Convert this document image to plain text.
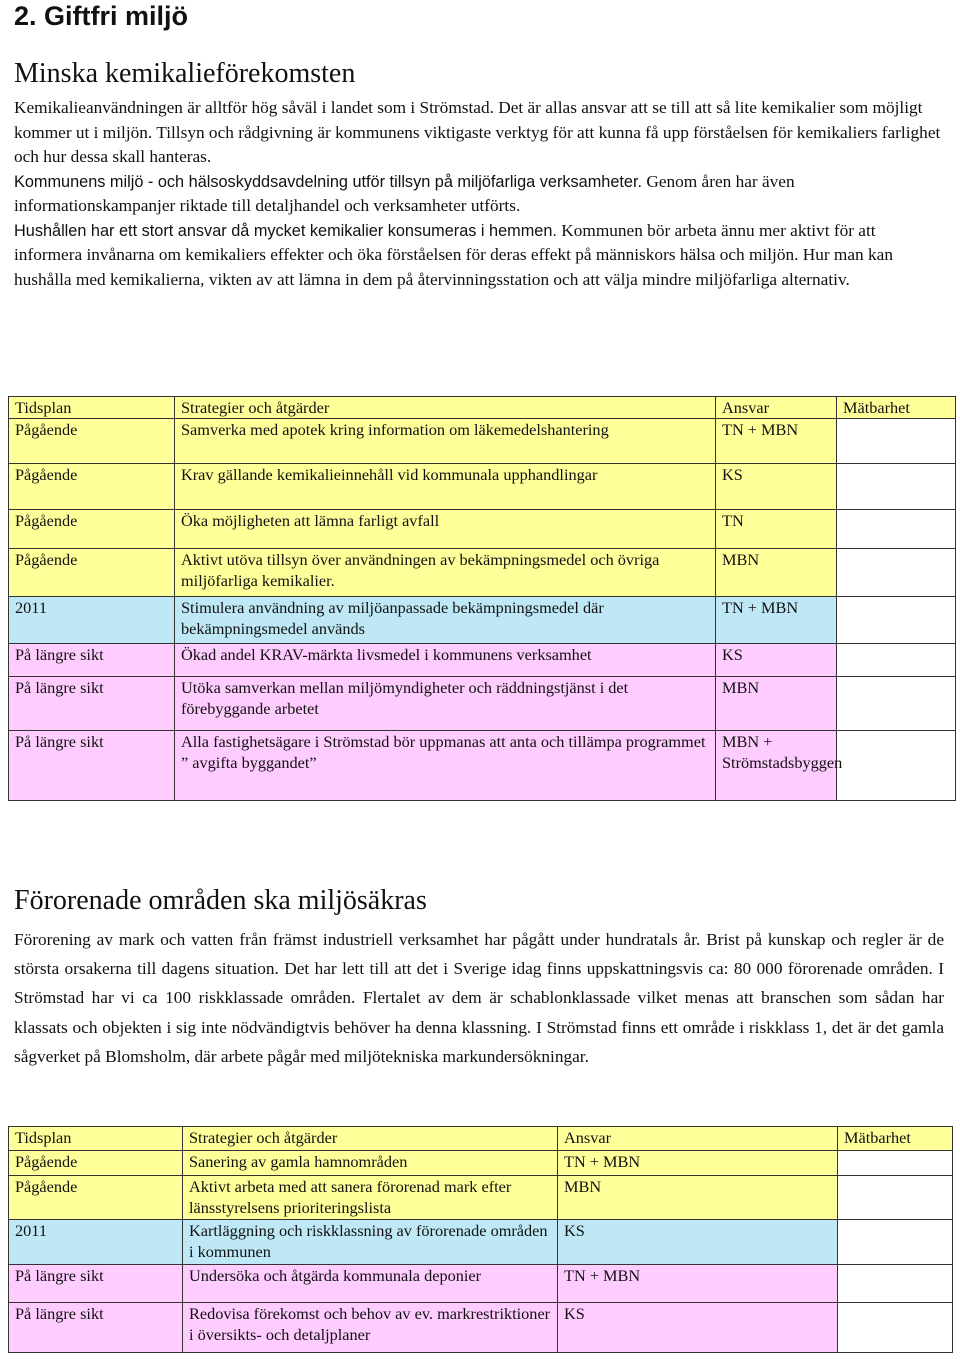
2. Giftfri miljö
Minska kemikalieförekomsten

Kemikalieanvändningen är alltför hög såväl i landet som i Strömstad. Det är allas ansvar att se till att så lite kemikalier som möjligt kommer ut i miljön. Tillsyn och rådgivning är kommunens viktigaste verktyg för att kunna få upp förståelsen för kemikaliers farlighet och hur dessa skall hanteras.

Kommunens miljö - och hälsoskyddsavdelning utför tillsyn på miljöfarliga verksamheter. Genom åren har även informationskampanjer riktade till detaljhandel och verksamheter utförts.

Hushållen har ett stort ansvar då mycket kemikalier konsumeras i hemmen. Kommunen bör arbeta ännu mer aktivt för att informera invånarna om kemikaliers effekter och öka förståelsen för deras effekt på människors hälsa och miljön. Hur man kan hushålla med kemikalierna, vikten av att lämna in dem på återvinningsstation och att välja mindre miljöfarliga alternativ.

Tidsplan	Strategier och åtgärder	Ansvar	Mätbarhet
Pågående	Samverka med apotek kring information om läkemedelshantering	TN + MBN	
Pågående	Krav gällande kemikalieinnehåll vid kommunala upphandlingar	KS	
Pågående	Öka möjligheten att lämna farligt avfall	TN	
Pågående	Aktivt utöva tillsyn över användningen av bekämpningsmedel och övriga miljöfarliga kemikalier.	MBN	
2011	Stimulera användning av miljöanpassade bekämpningsmedel där bekämpningsmedel används	TN + MBN	
På längre sikt	Ökad andel KRAV-märkta livsmedel i kommunens verksamhet	KS	
På längre sikt	Utöka samverkan mellan miljömyndigheter och räddningstjänst i det förebyggande arbetet	MBN	
På längre sikt	Alla fastighetsägare i Strömstad bör uppmanas att anta och tillämpa programmet ” avgifta byggandet”	MBN + Strömstadsbyggen	
Förorenade områden ska miljösäkras

Förorening av mark och vatten från främst industriell verksamhet har pågått under hundratals år. Brist på kunskap och regler är de största orsakerna till dagens situation. Det har lett till att det i Sverige idag finns uppskattningsvis ca: 80 000 förorenade områden. I Strömstad har vi ca 100 riskklassade områden. Flertalet av dem är schablonklassade vilket menas att branschen som sådan har klassats och objekten i sig inte nödvändigtvis behöver ha denna klassning. I Strömstad finns ett område i riskklass 1, det är det gamla sågverket på Blomsholm, där arbete pågår med miljötekniska markundersökningar.

Tidsplan	Strategier och åtgärder	Ansvar	Mätbarhet
Pågående	Sanering av gamla hamnområden	TN + MBN	
Pågående	Aktivt arbeta med att sanera förorenad mark efter länsstyrelsens prioriteringslista	MBN	
2011	Kartläggning och riskklassning av förorenade områden i kommunen	KS	
På längre sikt	Undersöka och åtgärda kommunala deponier	TN + MBN	
På längre sikt	Redovisa förekomst och behov av ev. markrestriktioner i översikts- och detaljplaner	KS	
